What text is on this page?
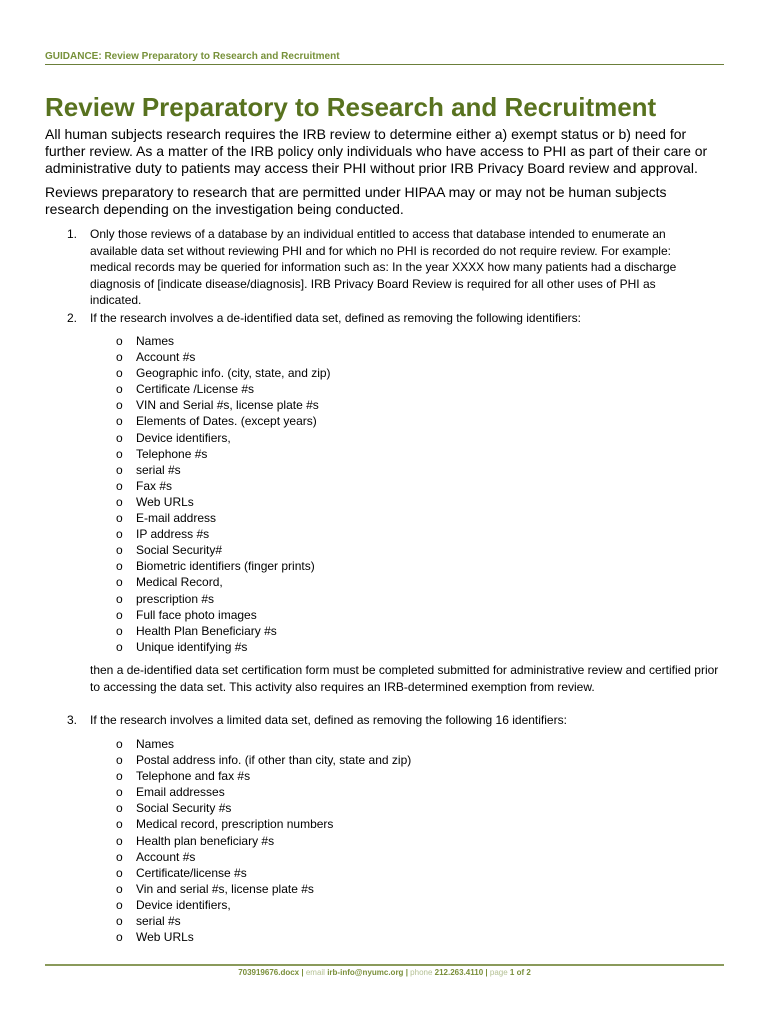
GUIDANCE: Review Preparatory to Research and Recruitment
Review Preparatory to Research and Recruitment

All human subjects research requires the IRB review to determine either a) exempt status or b) need for further review. As a matter of the IRB policy only individuals who have access to PHI as part of their care or administrative duty to patients may access their PHI without prior IRB Privacy Board review and approval.

Reviews preparatory to research that are permitted under HIPAA may or may not be human subjects research depending on the investigation being conducted.

1. Only those reviews of a database by an individual entitled to access that database intended to enumerate an available data set without reviewing PHI and for which no PHI is recorded do not require review. For example: medical records may be queried for information such as: In the year XXXX how many patients had a discharge diagnosis of [indicate disease/diagnosis]. IRB Privacy Board Review is required for all other uses of PHI as indicated.
2. If the research involves a de-identified data set, defined as removing the following identifiers:
o Names
o Account #s
o Geographic info. (city, state, and zip)
o Certificate /License #s
o VIN and Serial #s, license plate #s
o Elements of Dates. (except years)
o Device identifiers,
o Telephone #s
o serial #s
o Fax #s
o Web URLs
o E-mail address
o IP address #s
o Social Security#
o Biometric identifiers (finger prints)
o Medical Record,
o prescription #s
o Full face photo images
o Health Plan Beneficiary #s
o Unique identifying #s

then a de-identified data set certification form must be completed submitted for administrative review and certified prior to accessing the data set. This activity also requires an IRB-determined exemption from review.

3. If the research involves a limited data set, defined as removing the following 16 identifiers:
o Names
o Postal address info. (if other than city, state and zip)
o Telephone and fax #s
o Email addresses
o Social Security #s
o Medical record, prescription numbers
o Health plan beneficiary #s
o Account #s
o Certificate/license #s
o Vin and serial #s, license plate #s
o Device identifiers,
o serial #s
o Web URLs
703919676.docx | email irb-info@nyumc.org | phone 212.263.4110 | page 1 of 2
